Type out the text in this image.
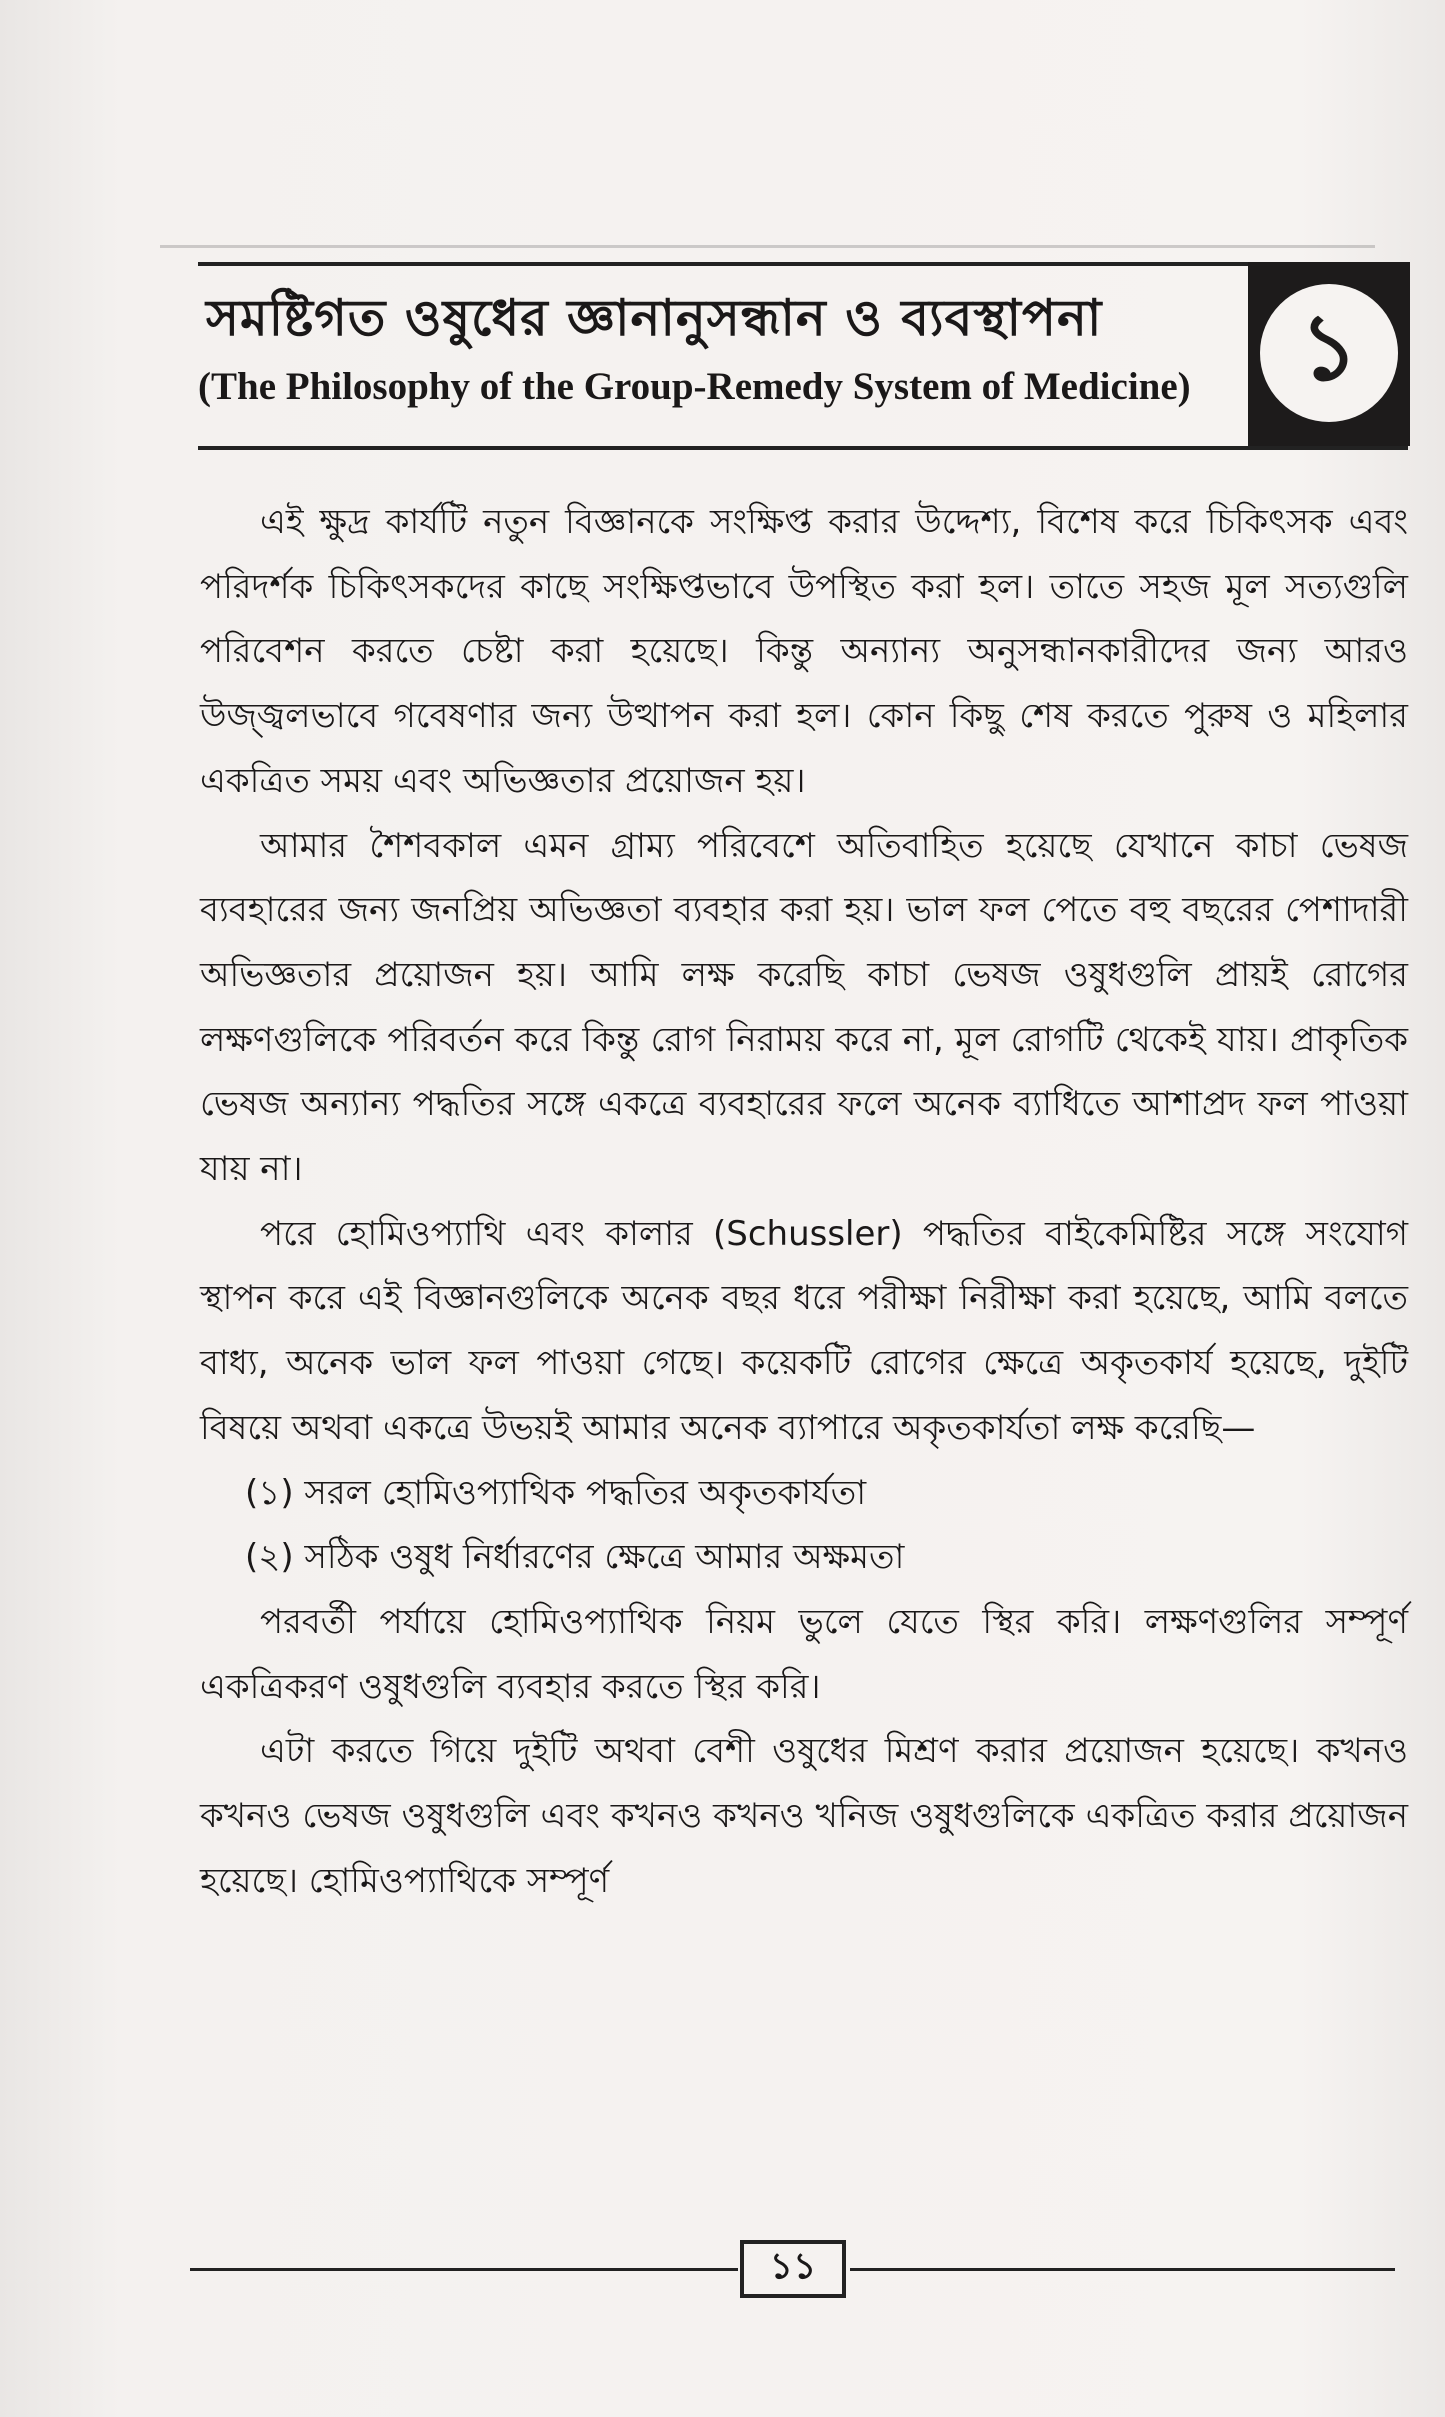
সমষ্টিগত ওষুধের জ্ঞানানুসন্ধান ও ব্যবস্থাপনা
(The Philosophy of the Group-Remedy System of Medicine)	১

এই ক্ষুদ্র কার্যটি নতুন বিজ্ঞানকে সংক্ষিপ্ত করার উদ্দেশ্য, বিশেষ করে চিকিৎসক এবং পরিদর্শক চিকিৎসকদের কাছে সংক্ষিপ্তভাবে উপস্থিত করা হল। তাতে সহজ মূল সত্যগুলি পরিবেশন করতে চেষ্টা করা হয়েছে। কিন্তু অন্যান্য অনুসন্ধানকারীদের জন্য আরও উজ্জ্বলভাবে গবেষণার জন্য উত্থাপন করা হল। কোন কিছু শেষ করতে পুরুষ ও মহিলার একত্রিত সময় এবং অভিজ্ঞতার প্রয়োজন হয়।

আমার শৈশবকাল এমন গ্রাম্য পরিবেশে অতিবাহিত হয়েছে যেখানে কাচা ভেষজ ব্যবহারের জন্য জনপ্রিয় অভিজ্ঞতা ব্যবহার করা হয়। ভাল ফল পেতে বহু বছরের পেশাদারী অভিজ্ঞতার প্রয়োজন হয়। আমি লক্ষ করেছি কাচা ভেষজ ওষুধগুলি প্রায়ই রোগের লক্ষণগুলিকে পরিবর্তন করে কিন্তু রোগ নিরাময় করে না, মূল রোগটি থেকেই যায়। প্রাকৃতিক ভেষজ অন্যান্য পদ্ধতির সঙ্গে একত্রে ব্যবহারের ফলে অনেক ব্যাধিতে আশাপ্রদ ফল পাওয়া যায় না।

পরে হোমিওপ্যাথি এবং কালার (Schussler) পদ্ধতির বাইকেমিষ্টির সঙ্গে সংযোগ স্থাপন করে এই বিজ্ঞানগুলিকে অনেক বছর ধরে পরীক্ষা নিরীক্ষা করা হয়েছে, আমি বলতে বাধ্য, অনেক ভাল ফল পাওয়া গেছে। কয়েকটি রোগের ক্ষেত্রে অকৃতকার্য হয়েছে, দুইটি বিষয়ে অথবা একত্রে উভয়ই আমার অনেক ব্যাপারে অকৃতকার্যতা লক্ষ করেছি—

(১) সরল হোমিওপ্যাথিক পদ্ধতির অকৃতকার্যতা

(২) সঠিক ওষুধ নির্ধারণের ক্ষেত্রে আমার অক্ষমতা

পরবর্তী পর্যায়ে হোমিওপ্যাথিক নিয়ম ভুলে যেতে স্থির করি। লক্ষণগুলির সম্পূর্ণ একত্রিকরণ ওষুধগুলি ব্যবহার করতে স্থির করি।

এটা করতে গিয়ে দুইটি অথবা বেশী ওষুধের মিশ্রণ করার প্রয়োজন হয়েছে। কখনও কখনও ভেষজ ওষুধগুলি এবং কখনও কখনও খনিজ ওষুধগুলিকে একত্রিত করার প্রয়োজন হয়েছে। হোমিওপ্যাথিকে সম্পূর্ণ

১১
